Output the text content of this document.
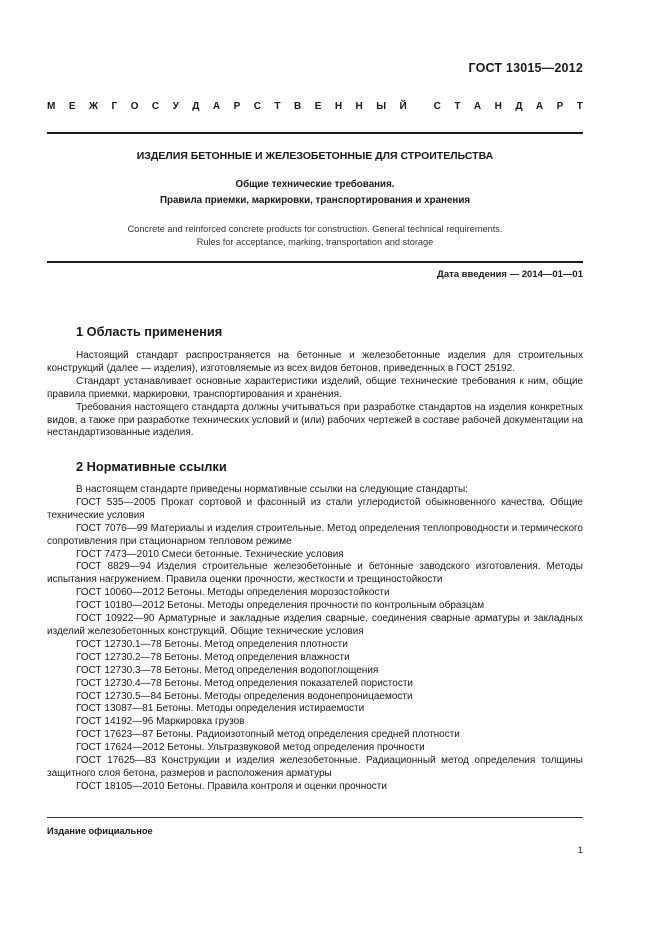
ГОСТ 13015—2012
М Е Ж Г О С У Д А Р С Т В Е Н Н Ы Й	С Т А Н Д А Р Т
ИЗДЕЛИЯ БЕТОННЫЕ И ЖЕЛЕЗОБЕТОННЫЕ ДЛЯ СТРОИТЕЛЬСТВА
Общие технические требования.
Правила приемки, маркировки, транспортирования и хранения
Concrete and reinforced concrete products for construction. General technical requirements.
Rules for acceptance, marking, transportation and storage
Дата введения — 2014—01—01
1 Область применения

Настоящий стандарт распространяется на бетонные и железобетонные изделия для строительных конструкций (далее — изделия), изготовляемые из всех видов бетонов, приведенных в ГОСТ 25192.

Стандарт устанавливает основные характеристики изделий, общие технические требования к ним, общие правила приемки, маркировки, транспортирования и хранения.

Требования настоящего стандарта должны учитываться при разработке стандартов на изделия конкретных видов, а также при разработке технических условий и (или) рабочих чертежей в составе рабочей документации на нестандартизованные изделия.

2 Нормативные ссылки
В настоящем стандарте приведены нормативные ссылки на следующие стандарты:
ГОСТ 535—2005 Прокат сортовой и фасонный из стали углеродистой обыкновенного качества. Общие технические условия
ГОСТ 7076—99 Материалы и изделия строительные. Метод определения теплопроводности и термического сопротивления при стационарном тепловом режиме
ГОСТ 7473—2010 Смеси бетонные. Технические условия
ГОСТ 8829—94 Изделия строительные железобетонные и бетонные заводского изготовления. Методы испытания нагружением. Правила оценки прочности, жесткости и трещиностойкости
ГОСТ 10060—2012 Бетоны. Методы определения морозостойкости
ГОСТ 10180—2012 Бетоны. Методы определения прочности по контрольным образцам
ГОСТ 10922—90 Арматурные и закладные изделия сварные, соединения сварные арматуры и закладных изделий железобетонных конструкций. Общие технические условия
ГОСТ 12730.1—78 Бетоны. Метод определения плотности
ГОСТ 12730.2—78 Бетоны. Метод определения влажности
ГОСТ 12730.3—78 Бетоны. Метод определения водопоглощения
ГОСТ 12730.4—78 Бетоны. Метод определения показателей пористости
ГОСТ 12730.5—84 Бетоны. Методы определения водонепроницаемости
ГОСТ 13087—81 Бетоны. Методы определения истираемости
ГОСТ 14192—96 Маркировка грузов
ГОСТ 17623—87 Бетоны. Радиоизотопный метод определения средней плотности
ГОСТ 17624—2012 Бетоны. Ультразвуковой метод определения прочности
ГОСТ 17625—83 Конструкции и изделия железобетонные. Радиационный метод определения толщины защитного слоя бетона, размеров и расположения арматуры
ГОСТ 18105—2010 Бетоны. Правила контроля и оценки прочности
Издание официальное
1
